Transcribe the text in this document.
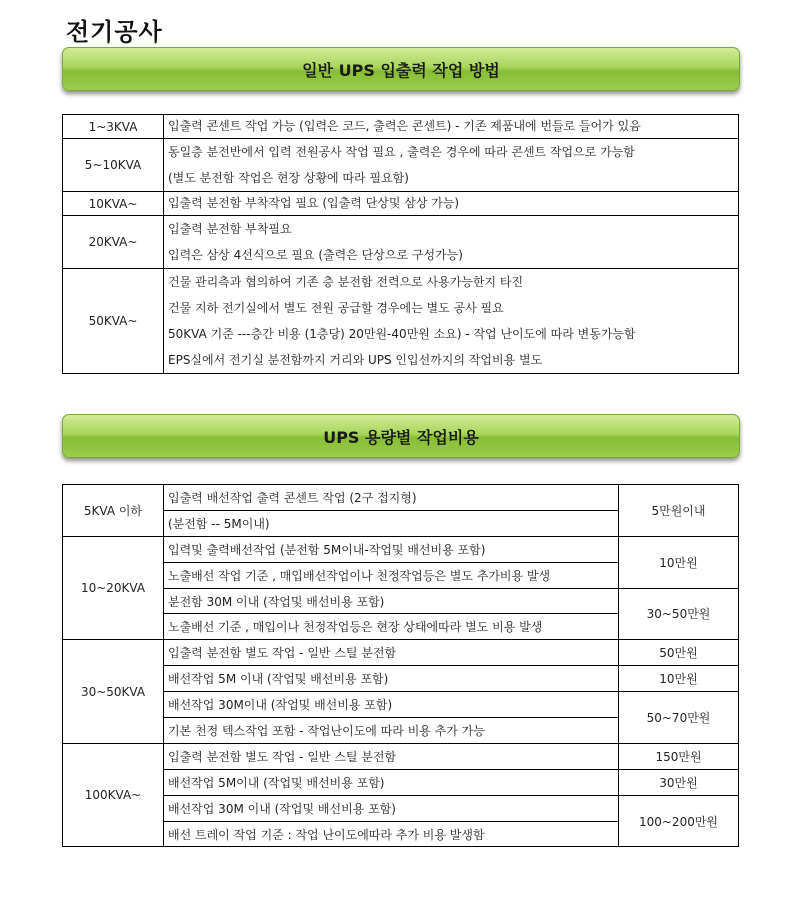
전기공사
일반 UPS 입출력 작업 방법
1~3KVA	입출력 콘센트 작업 가능 (입력은 코드, 출력은 콘센트) - 기존 제품내에 번들로 들어가 있음

5~10KVA	동일층 분전반에서 입력 전원공사 작업 필요 , 출력은 경우에 따라 콘센트 작업으로 가능함
(별도 분전함 작업은 현장 상황에 따라 필요함)

10KVA~	입출력 분전함 부착작업 필요 (입출력 단상및 삼상 가능)

20KVA~	입출력 분전함 부착필요
입력은 삼상 4선식으로 필요 (출력은 단상으로 구성가능)

50KVA~	건물 관리측과 협의하여 기존 층 분전함 전력으로 사용가능한지 타진
건물 지하 전기실에서 별도 전원 공급할 경우에는 별도 공사 필요
50KVA 기준 ---층간 비용 (1층당) 20만원-40만원 소요) - 작업 난이도에 따라 변동가능함
EPS실에서 전기실 분전함까지 거리와 UPS 인입선까지의 작업비용 별도
UPS 용량별 작업비용
5KVA 이하	입출력 배선작업 출력 콘센트 작업 (2구 접지형)	5만원이내
	(분전함 -- 5M이내)	
10~20KVA	입력및 출력배선작업 (분전함 5M이내-작업및 배선비용 포함)	10만원
	노출배선 작업 기준 , 매입배선작업이나 천정작업등은 별도 추가비용 발생	
	분전함 30M 이내 (작업및 배선비용 포함)	30~50만원
	노출배선 기준 , 매입이나 천정작업등은 현장 상태에따라 별도 비용 발생	
30~50KVA	입출력 분전함 별도 작업 - 일반 스틸 분전함	50만원
	배선작업 5M 이내 (작업및 배선비용 포함)	10만원
	배선작업 30M이내 (작업및 배선비용 포함)	50~70만원
	기본 천정 텍스작업 포함 - 작업난이도에 따라 비용 추가 가능	
100KVA~	입출력 분전함 별도 작업 - 일반 스틸 분전함	150만원
	배선작업 5M이내 (작업및 배선비용 포함)	30만원
	배선작업 30M 이내 (작업및 배선비용 포함)	100~200만원
	배선 트레이 작업 기준 : 작업 난이도에따라 추가 비용 발생함	
